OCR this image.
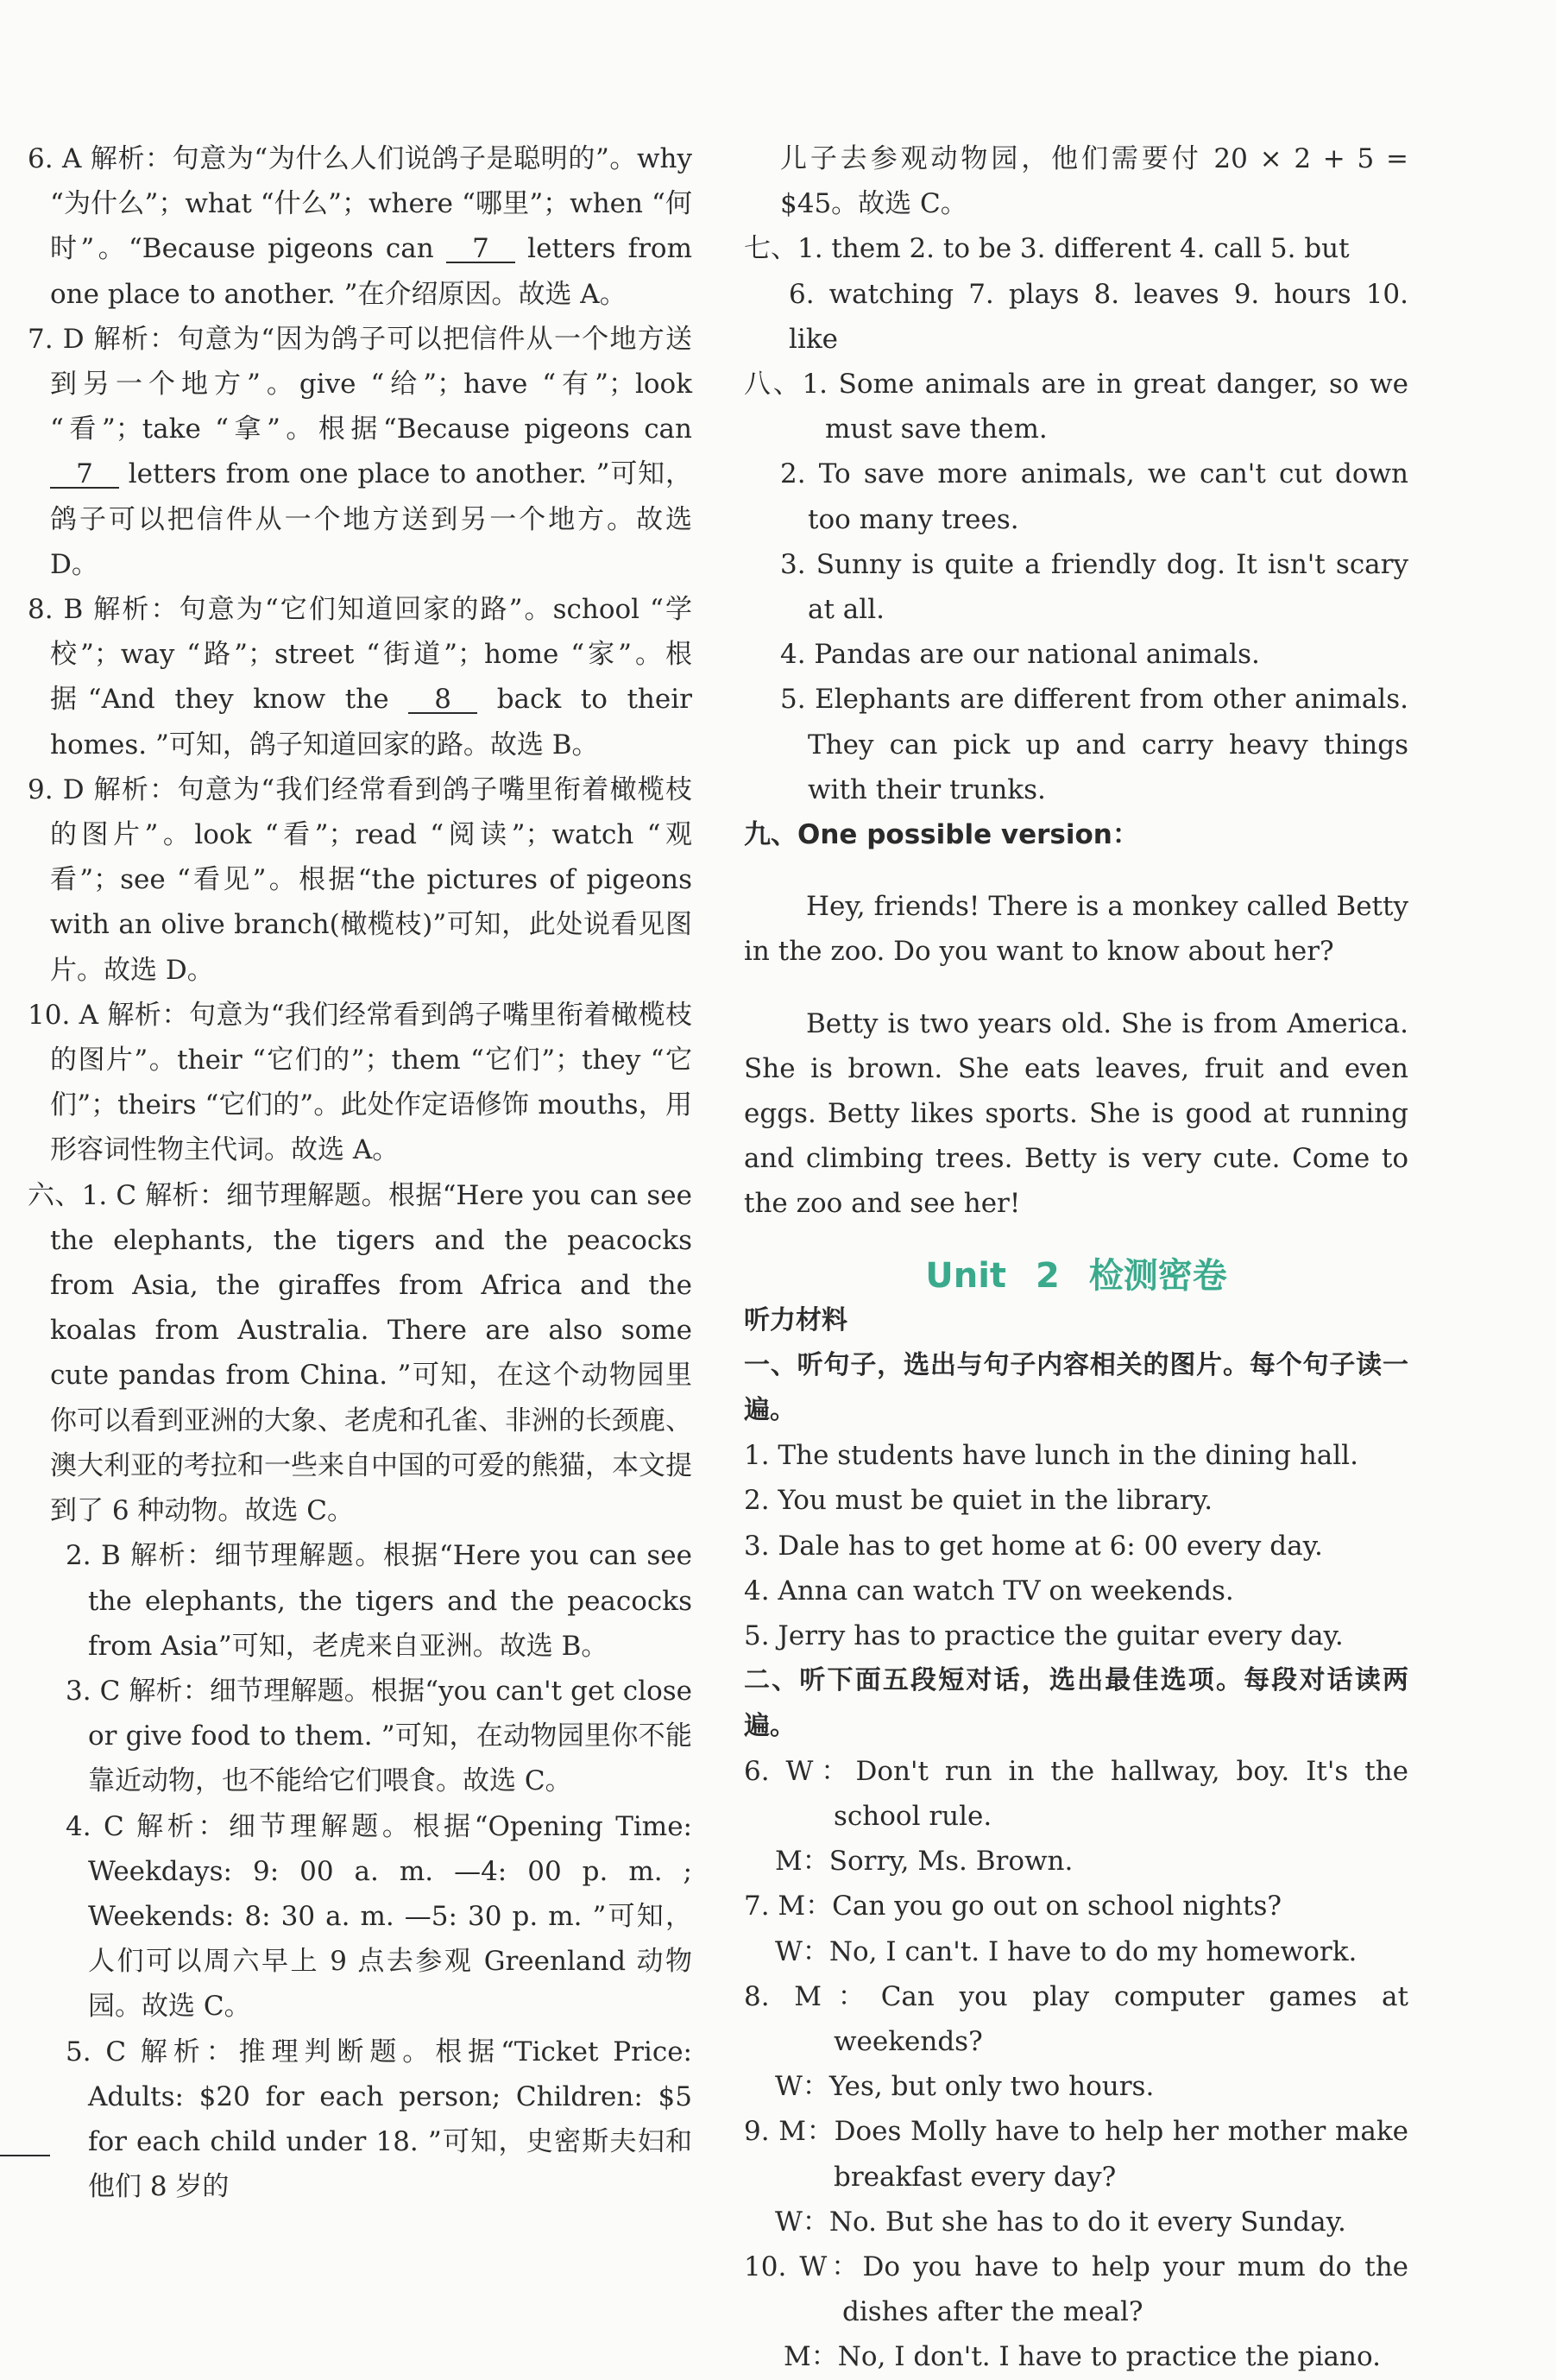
6. A 解析：句意为“为什么人们说鸽子是聪明的”。why “为什么”；what “什么”；where “哪里”；when “何时”。“Because pigeons can 7 letters from one place to another. ”在介绍原因。故选 A。

7. D 解析：句意为“因为鸽子可以把信件从一个地方送到另一个地方”。give “给”；have “有”；look “看”；take “拿”。根据“Because pigeons can 7 letters from one place to another. ”可知，鸽子可以把信件从一个地方送到另一个地方。故选 D。

8. B 解析：句意为“它们知道回家的路”。school “学校”；way “路”；street “街道”；home “家”。根据“And they know the 8 back to their homes. ”可知，鸽子知道回家的路。故选 B。

9. D 解析：句意为“我们经常看到鸽子嘴里衔着橄榄枝的图片”。look “看”；read “阅读”；watch “观看”；see “看见”。根据“the pictures of pigeons with an olive branch(橄榄枝)”可知，此处说看见图片。故选 D。

10. A 解析：句意为“我们经常看到鸽子嘴里衔着橄榄枝的图片”。their “它们的”；them “它们”；they “它们”；theirs “它们的”。此处作定语修饰 mouths，用形容词性物主代词。故选 A。

六、1. C 解析：细节理解题。根据“Here you can see the elephants, the tigers and the peacocks from Asia, the giraffes from Africa and the koalas from Australia. There are also some cute pandas from China. ”可知，在这个动物园里你可以看到亚洲的大象、老虎和孔雀、非洲的长颈鹿、澳大利亚的考拉和一些来自中国的可爱的熊猫，本文提到了 6 种动物。故选 C。

2. B 解析：细节理解题。根据“Here you can see the elephants, the tigers and the peacocks from Asia”可知，老虎来自亚洲。故选 B。

3. C 解析：细节理解题。根据“you can't get close or give food to them. ”可知，在动物园里你不能靠近动物，也不能给它们喂食。故选 C。

4. C 解析：细节理解题。根据“Opening Time: Weekdays: 9: 00 a. m. —4: 00 p. m. ; Weekends: 8: 30 a. m. —5: 30 p. m. ”可知，人们可以周六早上 9 点去参观 Greenland 动物园。故选 C。

5. C 解析：推理判断题。根据“Ticket Price: Adults: $20 for each person; Children: $5 for each child under 18. ”可知，史密斯夫妇和他们 8 岁的

儿子去参观动物园，他们需要付 20 × 2 + 5 = $45。故选 C。

七、1. them 2. to be 3. different 4. call 5. but

6. watching 7. plays 8. leaves 9. hours 10. like

八、1. Some animals are in great danger, so we must save them.

2. To save more animals, we can't cut down too many trees.

3. Sunny is quite a friendly dog. It isn't scary at all.

4. Pandas are our national animals.

5. Elephants are different from other animals. They can pick up and carry heavy things with their trunks.

九、One possible version：

Hey, friends! There is a monkey called Betty in the zoo. Do you want to know about her?

Betty is two years old. She is from America. She is brown. She eats leaves, fruit and even eggs. Betty likes sports. She is good at running and climbing trees. Betty is very cute. Come to the zoo and see her!

Unit 2 检测密卷

听力材料

一、听句子，选出与句子内容相关的图片。每个句子读一遍。

1. The students have lunch in the dining hall.

2. You must be quiet in the library.

3. Dale has to get home at 6: 00 every day.

4. Anna can watch TV on weekends.

5. Jerry has to practice the guitar every day.

二、听下面五段短对话，选出最佳选项。每段对话读两遍。

6. W：Don't run in the hallway, boy. It's the school rule.

M：Sorry, Ms. Brown.

7. M：Can you go out on school nights?

W：No, I can't. I have to do my homework.

8. M：Can you play computer games at weekends?

W：Yes, but only two hours.

9. M：Does Molly have to help her mother make breakfast every day?

W：No. But she has to do it every Sunday.

10. W：Do you have to help your mum do the dishes after the meal?

M：No, I don't. I have to practice the piano.
